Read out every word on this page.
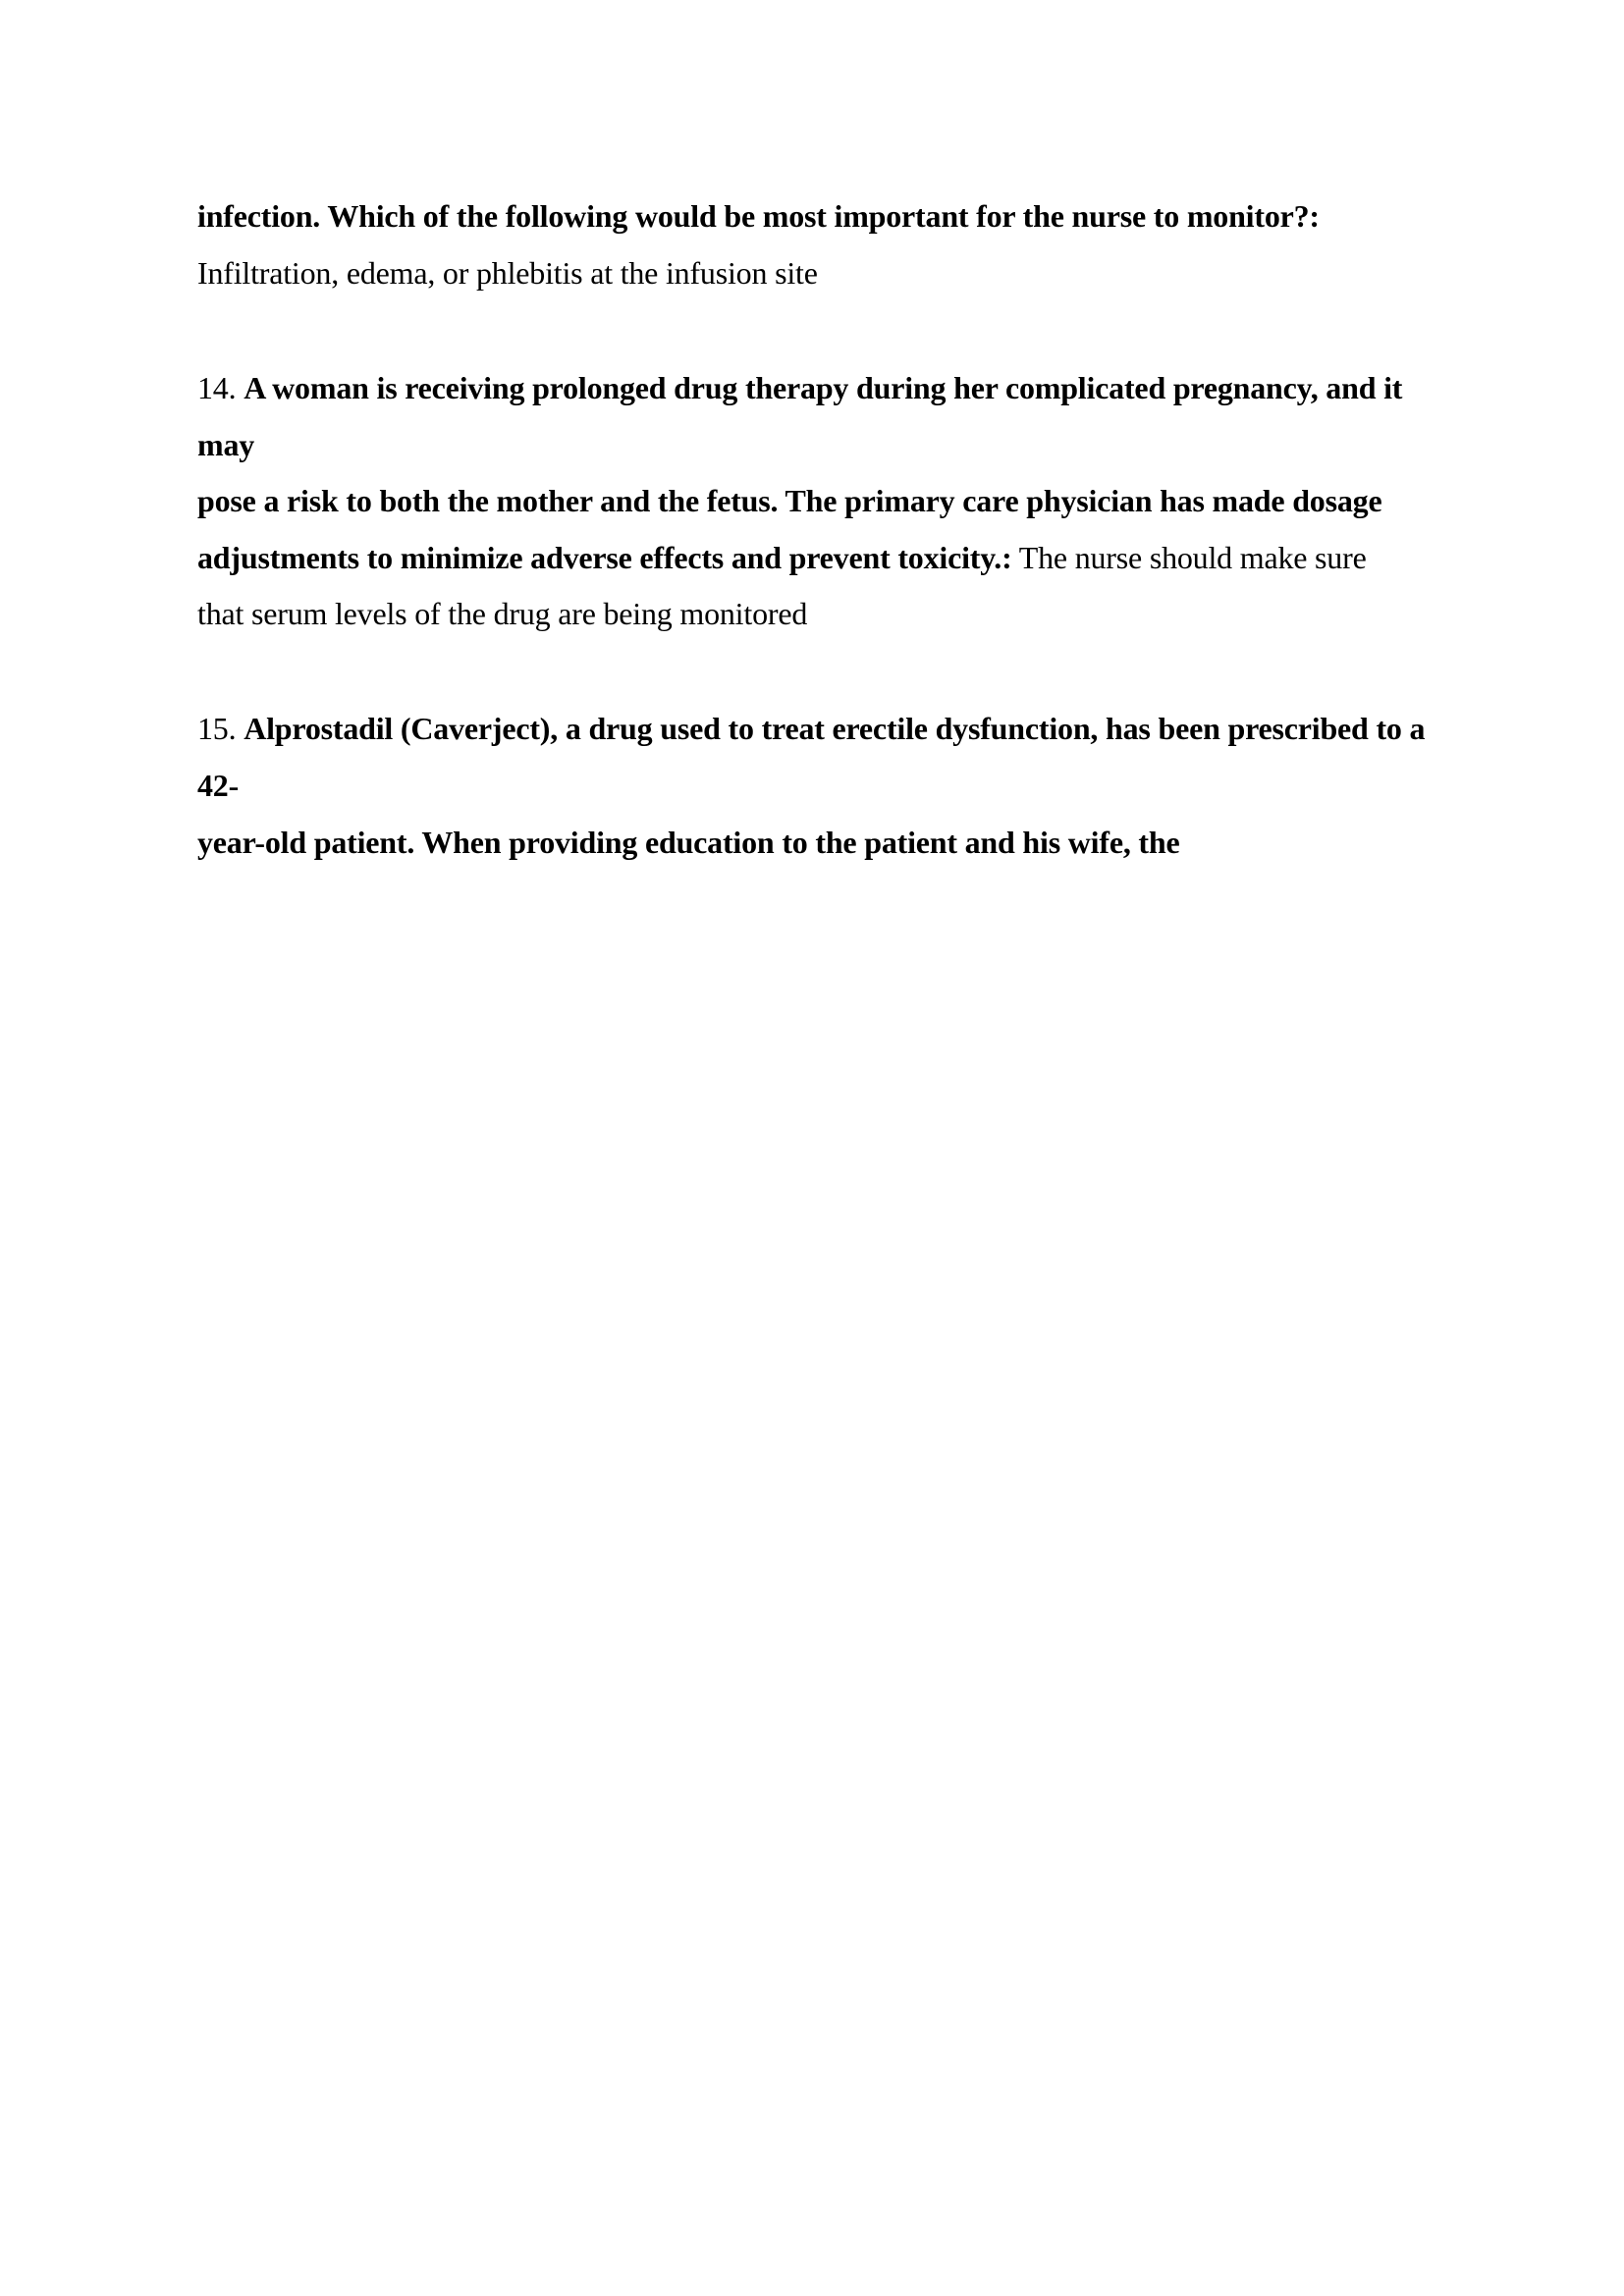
infection. Which of the following would be most important for the nurse to monitor?:
Infiltration, edema, or phlebitis at the infusion site
14. A woman is receiving prolonged drug therapy during her complicated pregnancy, and it
may
pose a risk to both the mother and the fetus. The primary care physician has made dosage
adjustments to minimize adverse effects and prevent toxicity.: The nurse should make sure
that serum levels of the drug are being monitored
15. Alprostadil (Caverject), a drug used to treat erectile dysfunction, has been prescribed to a
42-
year-old patient. When providing education to the patient and his wife, the
